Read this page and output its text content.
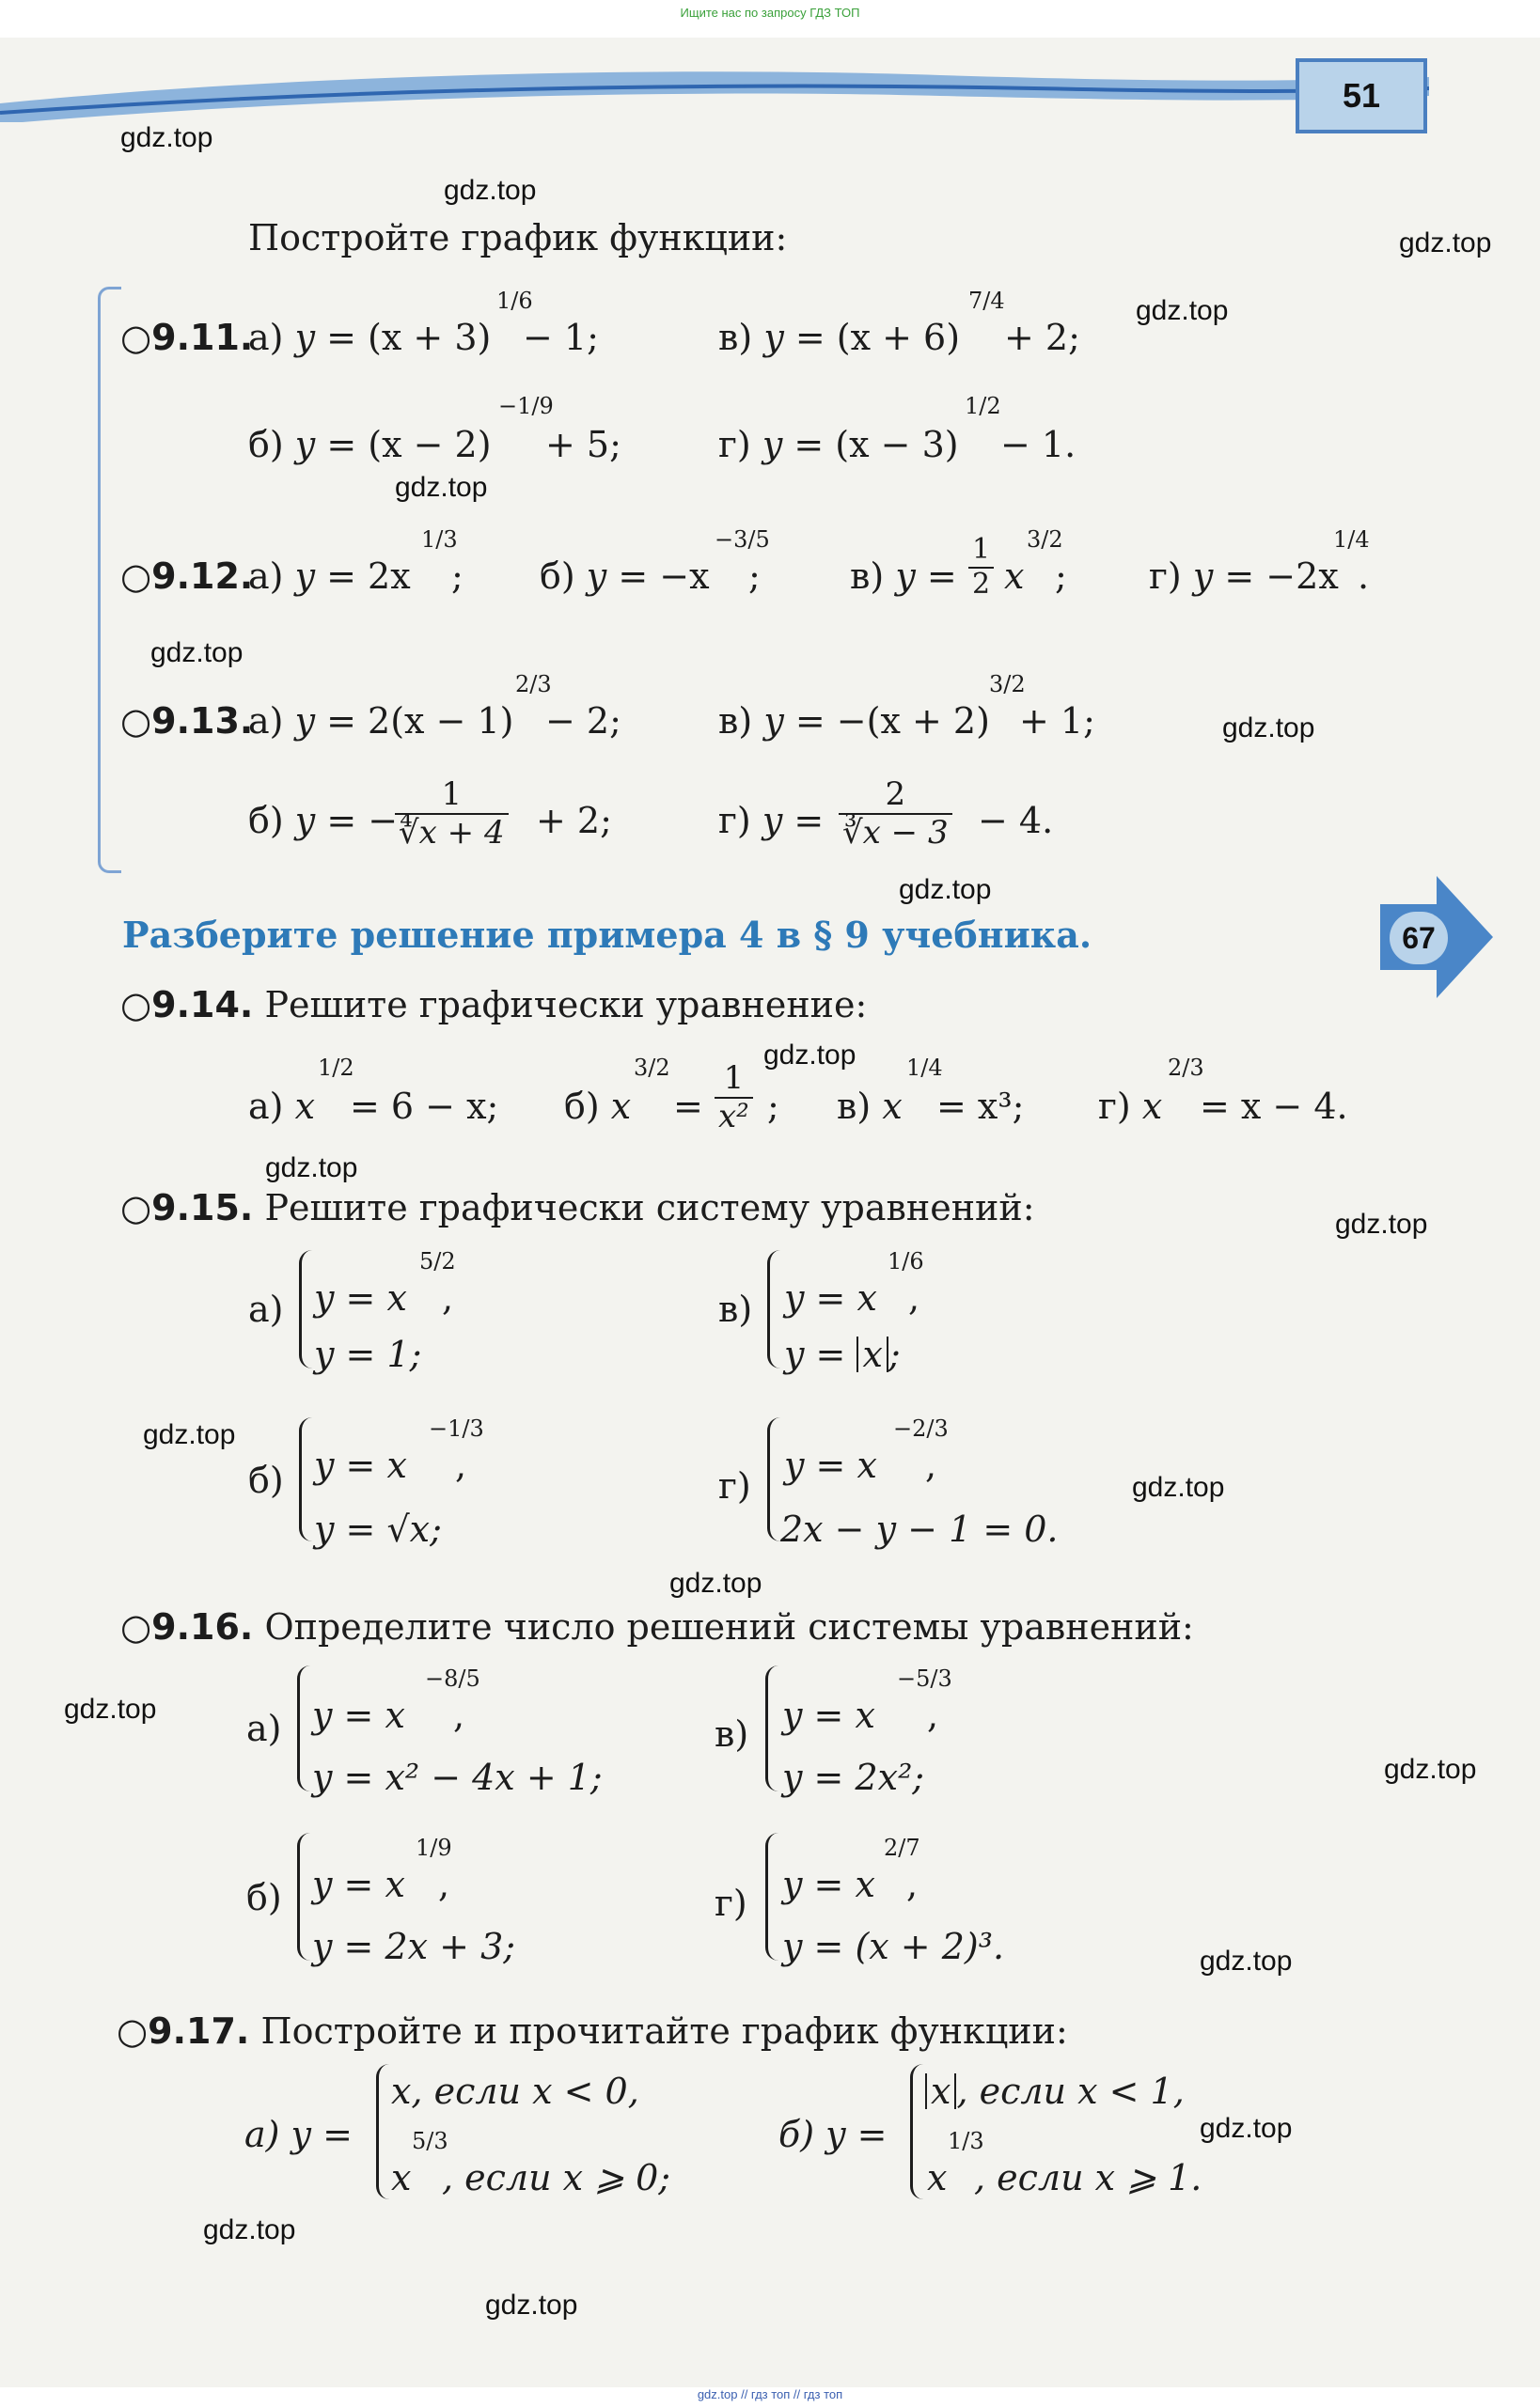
Ищите нас по запросу ГДЗ ТОП
51
gdz.top
gdz.top
gdz.top
gdz.top
gdz.top
gdz.top
gdz.top
gdz.top
gdz.top
gdz.top
gdz.top
gdz.top
gdz.top
gdz.top
gdz.top
gdz.top
gdz.top
gdz.top
gdz.top
gdz.top
Постройте график функции:
○9.11.
а) y = (x + 3)
1/6
− 1;	в) y = (x + 6)
7/4
+ 2;
б) y = (x − 2)
−1/9
+ 5;	г) y = (x − 3)
1/2
− 1.
○9.12.
а) y = 2x
1/3
; б) y = −x
−3/5
;	в) $y = \frac{1}{2}$ x
3/2
; г) y = −2x
1/4
.
○9.13.
а) y = 2(x − 1)
2/3
− 2;	в) y = −(x + 2)
3/2
+ 1;
б) y = −
$\frac{1}{∜x + 4} + 2$;	г) $y = \frac{2}{∛x - 3} - 4$.
Разберите решение примера 4 в § 9 учебника.	67
○9.14. Решите графически уравнение:
а) x
1/2
= 6 − x; б) x
3/2
= $\frac{1}{\text{x²}}$ ; в) x
1/4
= x³; г) x
2/3
= x − 4.
○9.15. Решите графически систему уравнений:
а) y = x
5/2
,
y = 1;
в) y = x
1/6
,
y = x ;
б) y = x
−1/3
,
y = √x;
г) y = x
−2/3
,
2x − y − 1 = 0.
○9.16. Определите число решений системы уравнений:
а) y = x
−8/5
,
y = x² − 4x + 1;
в) y = x
−5/3
,
y = 2x²;
б) y = x
1/9
,
y = 2x + 3;
г) y = x
2/7
,
y = (x + 2)³.
○9.17. Постройте и прочитайте график функции:
а) y =
x, если x < 0,
x
5/3
, если x ⩾ 0;
б) y =
x , если x < 1,
x
1/3
, если x ⩾ 1.
gdz.top // гдз топ // гдз топ
